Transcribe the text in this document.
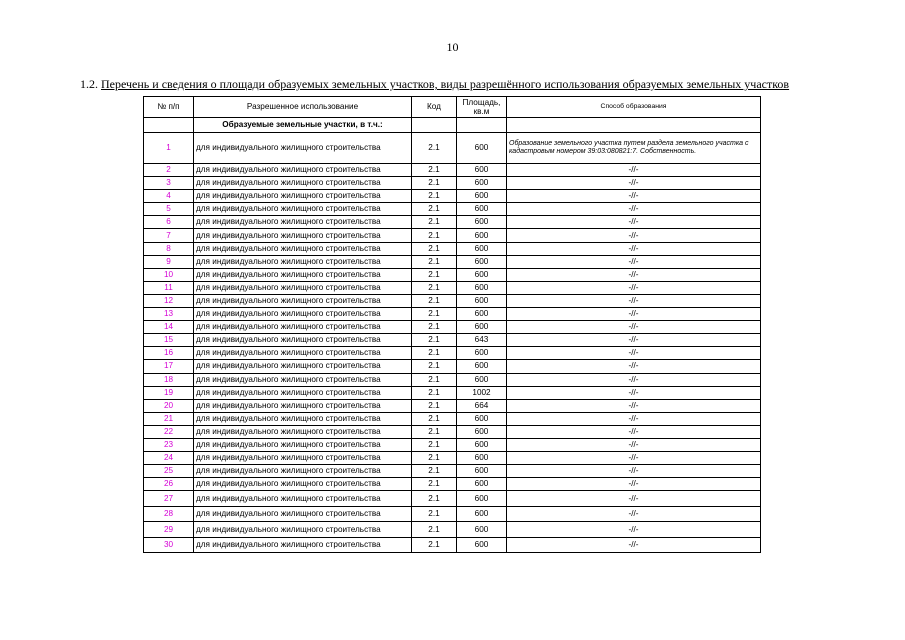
10
1.2. Перечень и сведения о площади образуемых земельных участков, виды разрешённого использования образуемых земельных участков
№ п/п	Разрешенное использование	Код	Площадь, кв.м	Способ образования
	Образуемые земельные участки, в т.ч.:			
1	для индивидуального жилищного строительства	2.1	600	Образование земельного участка путем раздела земельного участка с кадастровым номером 39:03:080821:7. Собственность.
2	для индивидуального жилищного строительства	2.1	600	-//-
3	для индивидуального жилищного строительства	2.1	600	-//-
4	для индивидуального жилищного строительства	2.1	600	-//-
5	для индивидуального жилищного строительства	2.1	600	-//-
6	для индивидуального жилищного строительства	2.1	600	-//-
7	для индивидуального жилищного строительства	2.1	600	-//-
8	для индивидуального жилищного строительства	2.1	600	-//-
9	для индивидуального жилищного строительства	2.1	600	-//-
10	для индивидуального жилищного строительства	2.1	600	-//-
11	для индивидуального жилищного строительства	2.1	600	-//-
12	для индивидуального жилищного строительства	2.1	600	-//-
13	для индивидуального жилищного строительства	2.1	600	-//-
14	для индивидуального жилищного строительства	2.1	600	-//-
15	для индивидуального жилищного строительства	2.1	643	-//-
16	для индивидуального жилищного строительства	2.1	600	-//-
17	для индивидуального жилищного строительства	2.1	600	-//-
18	для индивидуального жилищного строительства	2.1	600	-//-
19	для индивидуального жилищного строительства	2.1	1002	-//-
20	для индивидуального жилищного строительства	2.1	664	-//-
21	для индивидуального жилищного строительства	2.1	600	-//-
22	для индивидуального жилищного строительства	2.1	600	-//-
23	для индивидуального жилищного строительства	2.1	600	-//-
24	для индивидуального жилищного строительства	2.1	600	-//-
25	для индивидуального жилищного строительства	2.1	600	-//-
26	для индивидуального жилищного строительства	2.1	600	-//-
27	для индивидуального жилищного строительства	2.1	600	-//-
28	для индивидуального жилищного строительства	2.1	600	-//-
29	для индивидуального жилищного строительства	2.1	600	-//-
30	для индивидуального жилищного строительства	2.1	600	-//-
